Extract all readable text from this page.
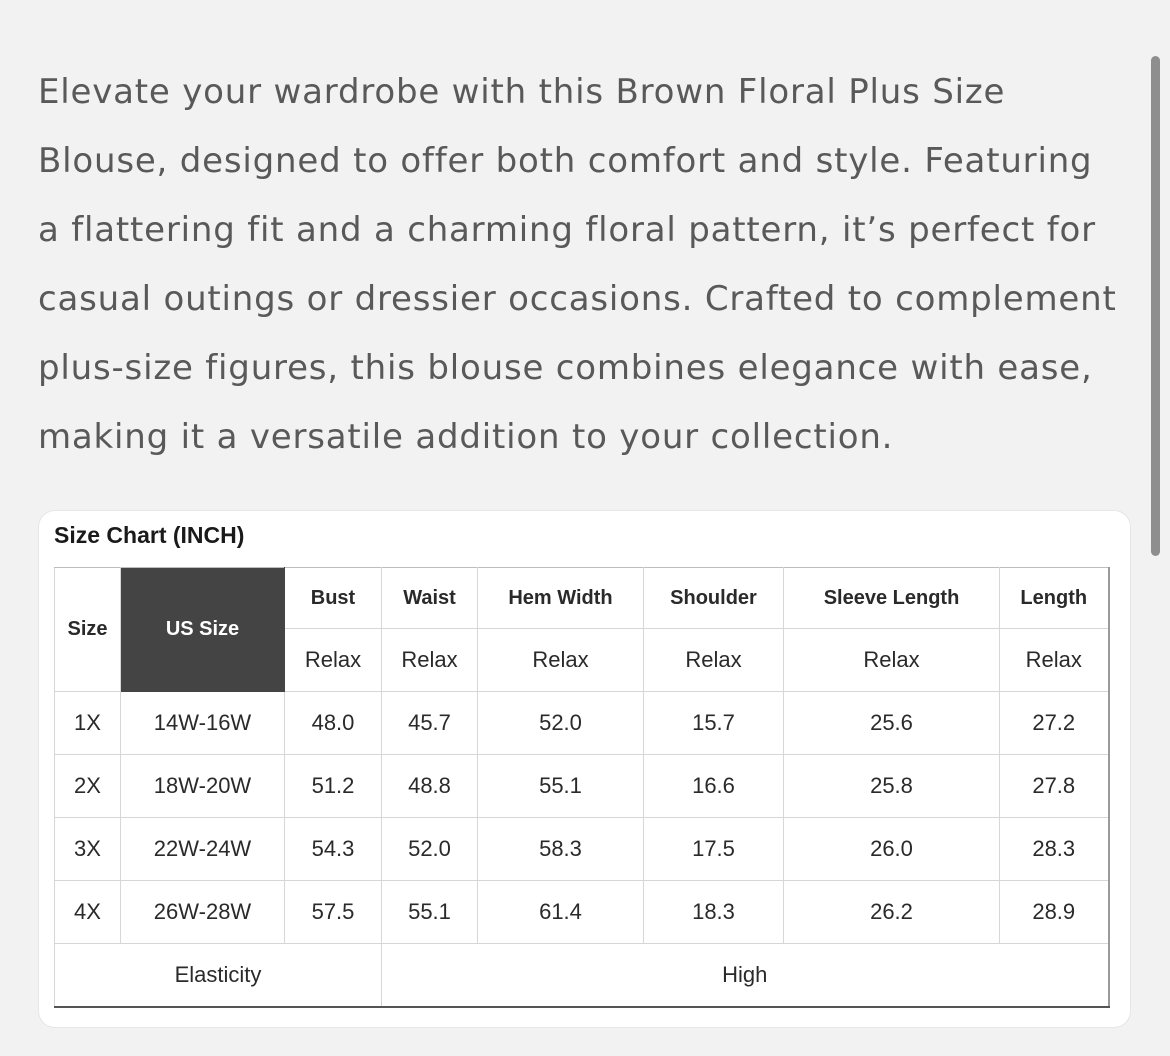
Elevate your wardrobe with this Brown Floral Plus Size
Blouse, designed to offer both comfort and style. Featuring
a flattering fit and a charming floral pattern, it’s perfect for
casual outings or dressier occasions. Crafted to complement
plus-size figures, this blouse combines elegance with ease,
making it a versatile addition to your collection.
Size Chart (INCH)
Size	US Size	Bust	Waist	Hem Width	Shoulder	Sleeve Length	Length
		Relax	Relax	Relax	Relax	Relax	Relax
1X	14W-16W	48.0	45.7	52.0	15.7	25.6	27.2
2X	18W-20W	51.2	48.8	55.1	16.6	25.8	27.8
3X	22W-24W	54.3	52.0	58.3	17.5	26.0	28.3
4X	26W-28W	57.5	55.1	61.4	18.3	26.2	28.9
Elasticity			High				
